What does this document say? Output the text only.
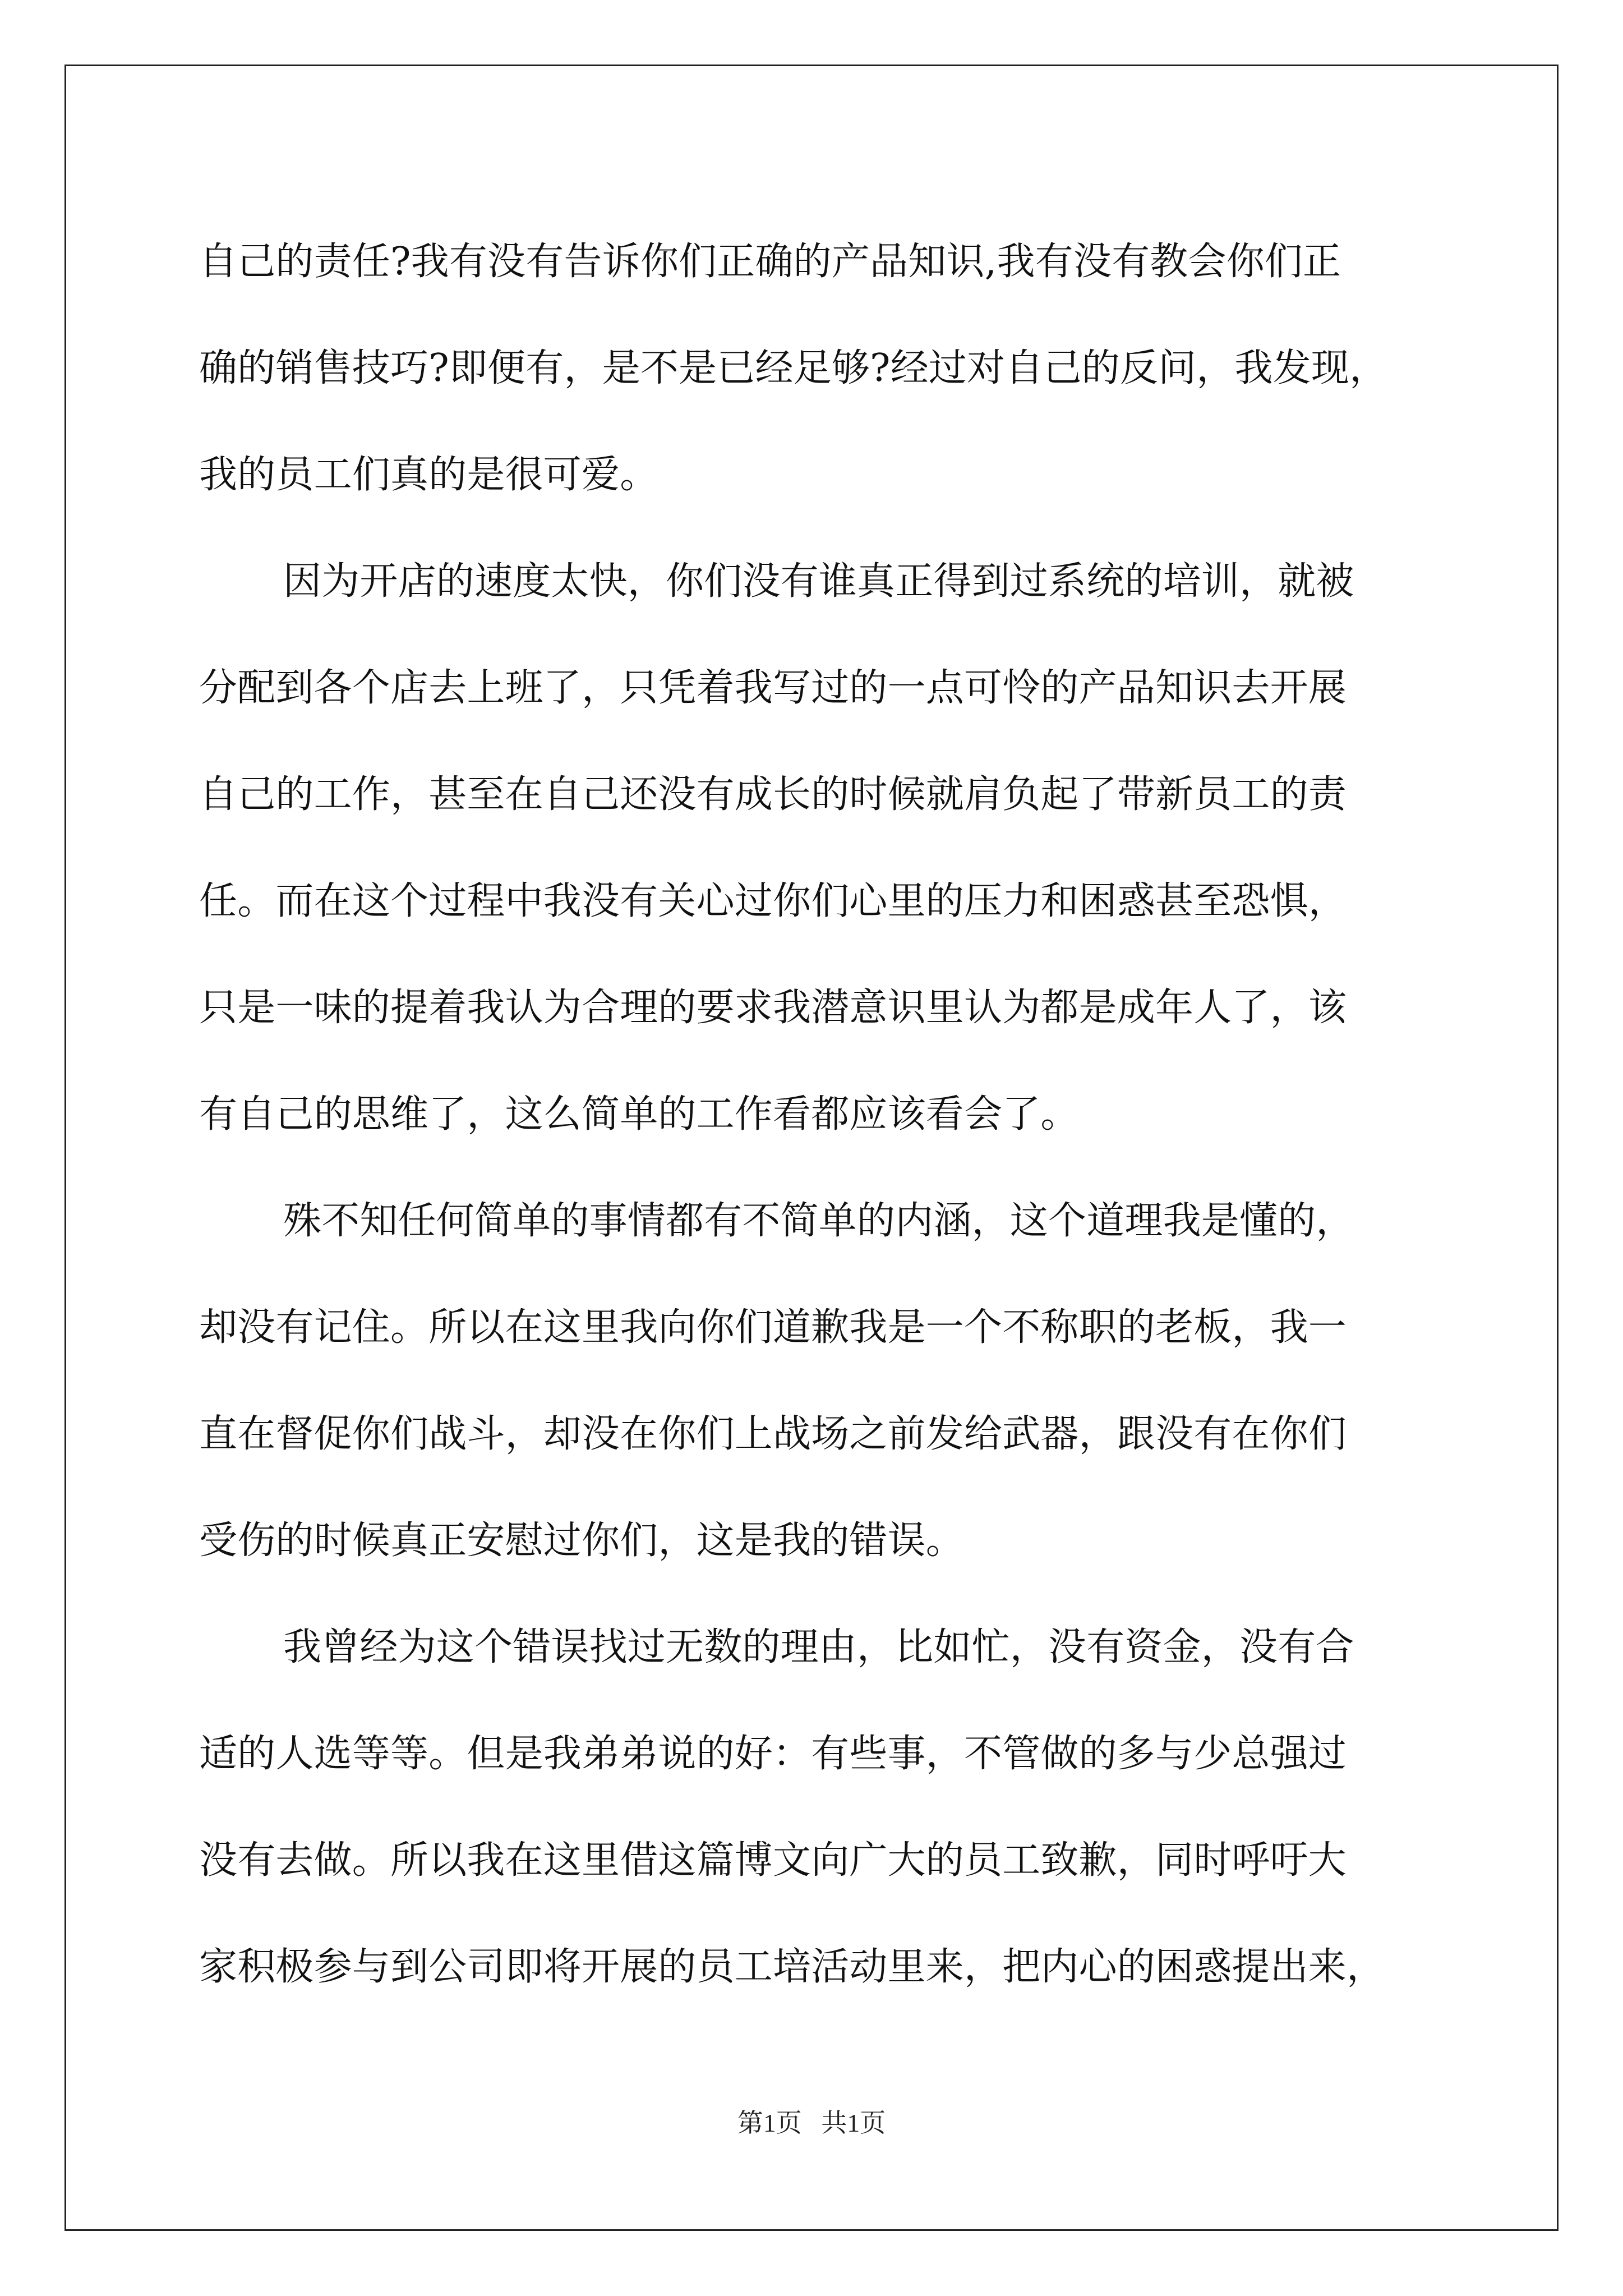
自己的责任?我有没有告诉你们正确的产品知识,我有没有教会你们正
确的销售技巧?即便有，是不是已经足够?经过对自己的反问，我发现，
我的员工们真的是很可爱。
因为开店的速度太快，你们没有谁真正得到过系统的培训，就被
分配到各个店去上班了，只凭着我写过的一点可怜的产品知识去开展
自己的工作，甚至在自己还没有成长的时候就肩负起了带新员工的责
任。而在这个过程中我没有关心过你们心里的压力和困惑甚至恐惧，
只是一味的提着我认为合理的要求我潜意识里认为都是成年人了，该
有自己的思维了，这么简单的工作看都应该看会了。
殊不知任何简单的事情都有不简单的内涵，这个道理我是懂的，
却没有记住。所以在这里我向你们道歉我是一个不称职的老板，我一
直在督促你们战斗，却没在你们上战场之前发给武器，跟没有在你们
受伤的时候真正安慰过你们，这是我的错误。
我曾经为这个错误找过无数的理由，比如忙，没有资金，没有合
适的人选等等。但是我弟弟说的好：有些事，不管做的多与少总强过
没有去做。所以我在这里借这篇博文向广大的员工致歉，同时呼吁大
家积极参与到公司即将开展的员工培活动里来，把内心的困惑提出来，
第1页 共1页
